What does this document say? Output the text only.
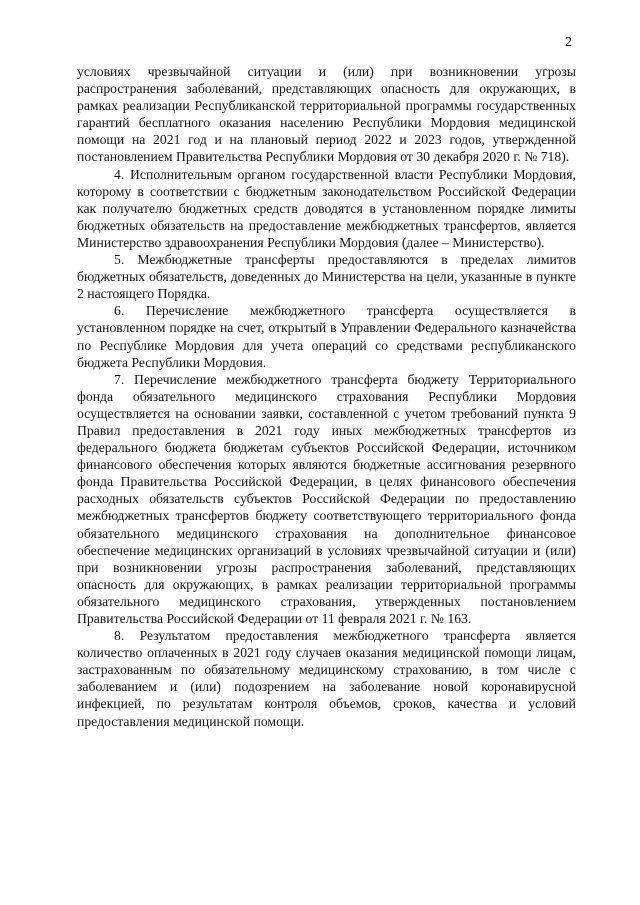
2

условиях чрезвычайной ситуации и (или) при возникновении угрозы распространения заболеваний, представляющих опасность для окружающих, в рамках реализации Республиканской территориальной программы государственных гарантий бесплатного оказания населению Республики Мордовия медицинской помощи на 2021 год и на плановый период 2022 и 2023 годов, утвержденной постановлением Правительства Республики Мордовия от 30 декабря 2020 г. № 718).

4. Исполнительным органом государственной власти Республики Мордовия, которому в соответствии с бюджетным законодательством Российской Федерации как получателю бюджетных средств доводятся в установленном порядке лимиты бюджетных обязательств на предоставление межбюджетных трансфертов, является Министерство здравоохранения Республики Мордовия (далее – Министерство).

5. Межбюджетные трансферты предоставляются в пределах лимитов бюджетных обязательств, доведенных до Министерства на цели, указанные в пункте 2 настоящего Порядка.

6. Перечисление межбюджетного трансферта осуществляется в установленном порядке на счет, открытый в Управлении Федерального казначейства по Республике Мордовия для учета операций со средствами республиканского бюджета Республики Мордовия.

7. Перечисление межбюджетного трансферта бюджету Территориального фонда обязательного медицинского страхования Республики Мордовия осуществляется на основании заявки, составленной с учетом требований пункта 9 Правил предоставления в 2021 году иных межбюджетных трансфертов из федерального бюджета бюджетам субъектов Российской Федерации, источником финансового обеспечения которых являются бюджетные ассигнования резервного фонда Правительства Российской Федерации, в целях финансового обеспечения расходных обязательств субъектов Российской Федерации по предоставлению межбюджетных трансфертов бюджету соответствующего территориального фонда обязательного медицинского страхования на дополнительное финансовое обеспечение медицинских организаций в условиях чрезвычайной ситуации и (или) при возникновении угрозы распространения заболеваний, представляющих опасность для окружающих, в рамках реализации территориальной программы обязательного медицинского страхования, утвержденных постановлением Правительства Российской Федерации от 11 февраля 2021 г. № 163.

8. Результатом предоставления межбюджетного трансферта является количество оплаченных в 2021 году случаев оказания медицинской помощи лицам, застрахованным по обязательному медицинскому страхованию, в том числе с заболеванием и (или) подозрением на заболевание новой коронавирусной инфекцией, по результатам контроля объемов, сроков, качества и условий предоставления медицинской помощи.
